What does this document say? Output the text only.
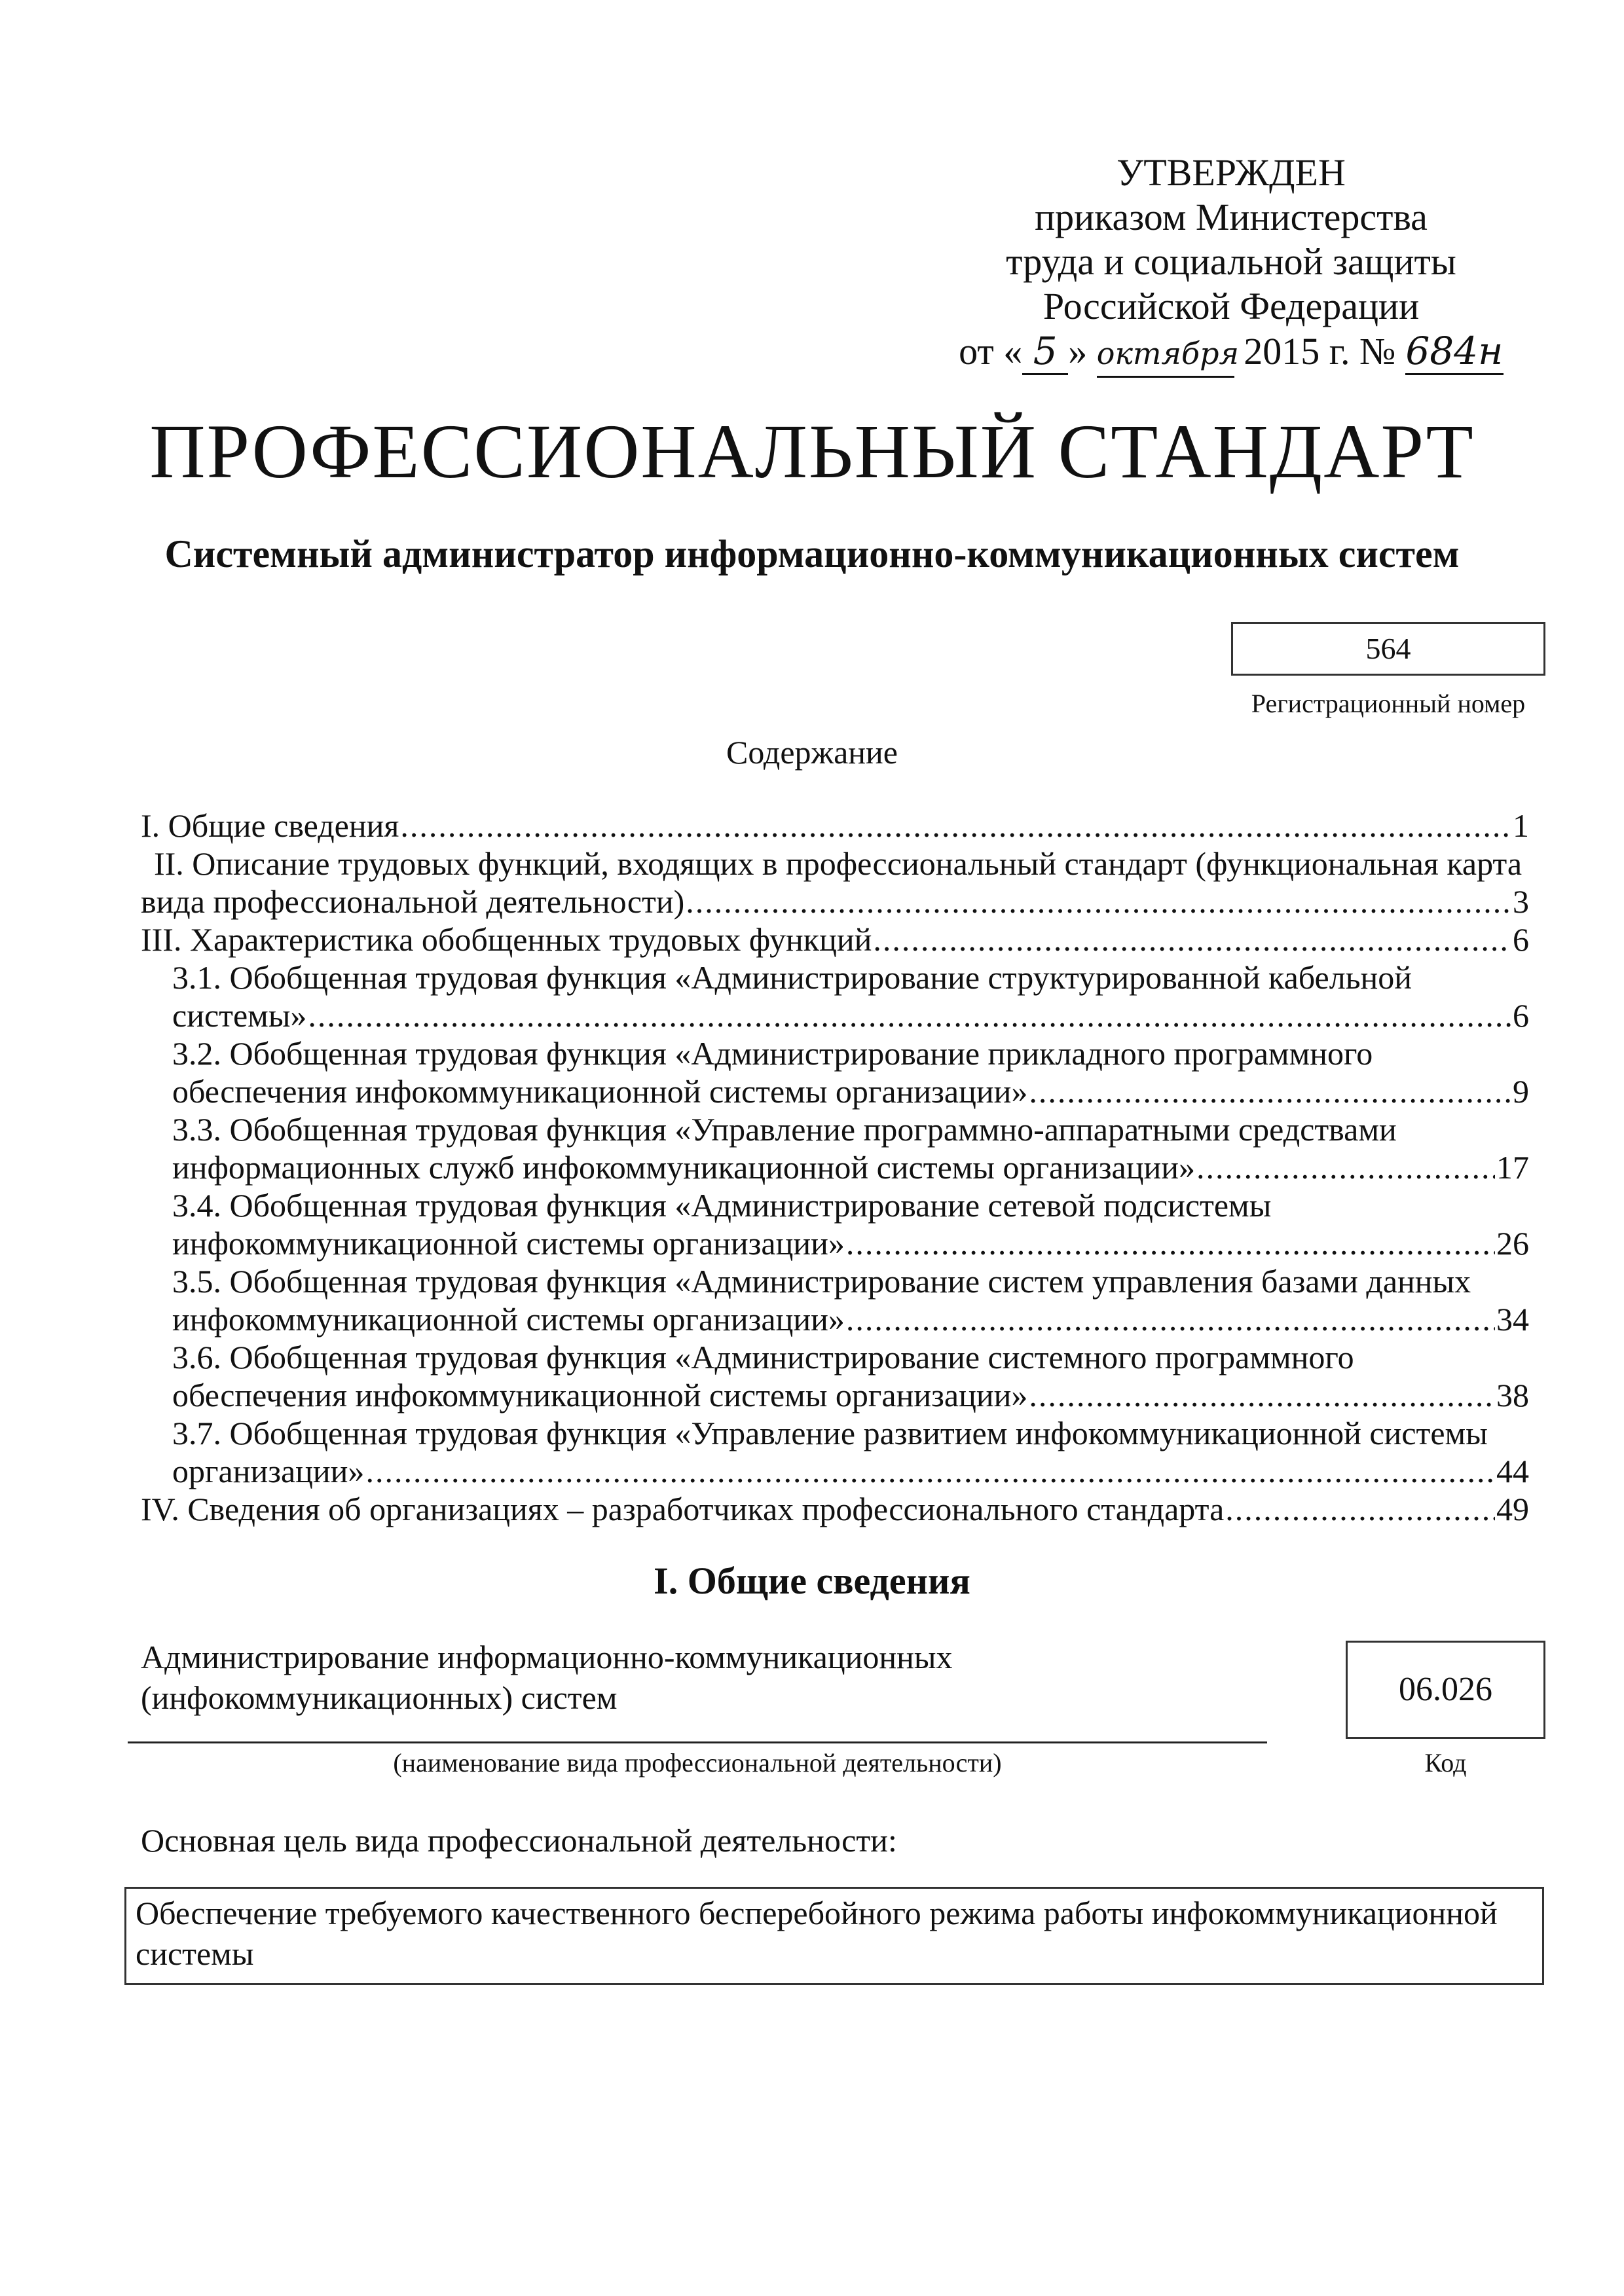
УТВЕРЖДЕН
приказом Министерства
труда и социальной защиты
Российской Федерации
от « 5 » октября 2015 г. № 684н
ПРОФЕССИОНАЛЬНЫЙ СТАНДАРТ
Системный администратор информационно-коммуникационных систем
564
Регистрационный номер
Содержание
I. Общие сведения .....	1
II. Описание трудовых функций, входящих в профессиональный стандарт (функциональная карта
вида профессиональной деятельности) .....	3
III. Характеристика обобщенных трудовых функций .....	6
3.1. Обобщенная трудовая функция «Администрирование структурированной кабельной
системы» .....	6
3.2. Обобщенная трудовая функция «Администрирование прикладного программного
обеспечения инфокоммуникационной системы организации» .....	9
3.3. Обобщенная трудовая функция «Управление программно-аппаратными средствами
информационных служб инфокоммуникационной системы организации» .....	17
3.4. Обобщенная трудовая функция «Администрирование сетевой подсистемы
инфокоммуникационной системы организации» .....	26
3.5. Обобщенная трудовая функция «Администрирование систем управления базами данных
инфокоммуникационной системы организации» .....	34
3.6. Обобщенная трудовая функция «Администрирование системного программного
обеспечения инфокоммуникационной системы организации» .....	38
3.7. Обобщенная трудовая функция «Управление развитием инфокоммуникационной системы
организации» .....	44
IV. Сведения об организациях – разработчиках профессионального стандарта .....	49
I. Общие сведения
Администрирование информационно-коммуникационных
(инфокоммуникационных) систем	06.026
(наименование вида профессиональной деятельности)	Код
Основная цель вида профессиональной деятельности:
Обеспечение требуемого качественного бесперебойного режима работы инфокоммуникационной
системы
